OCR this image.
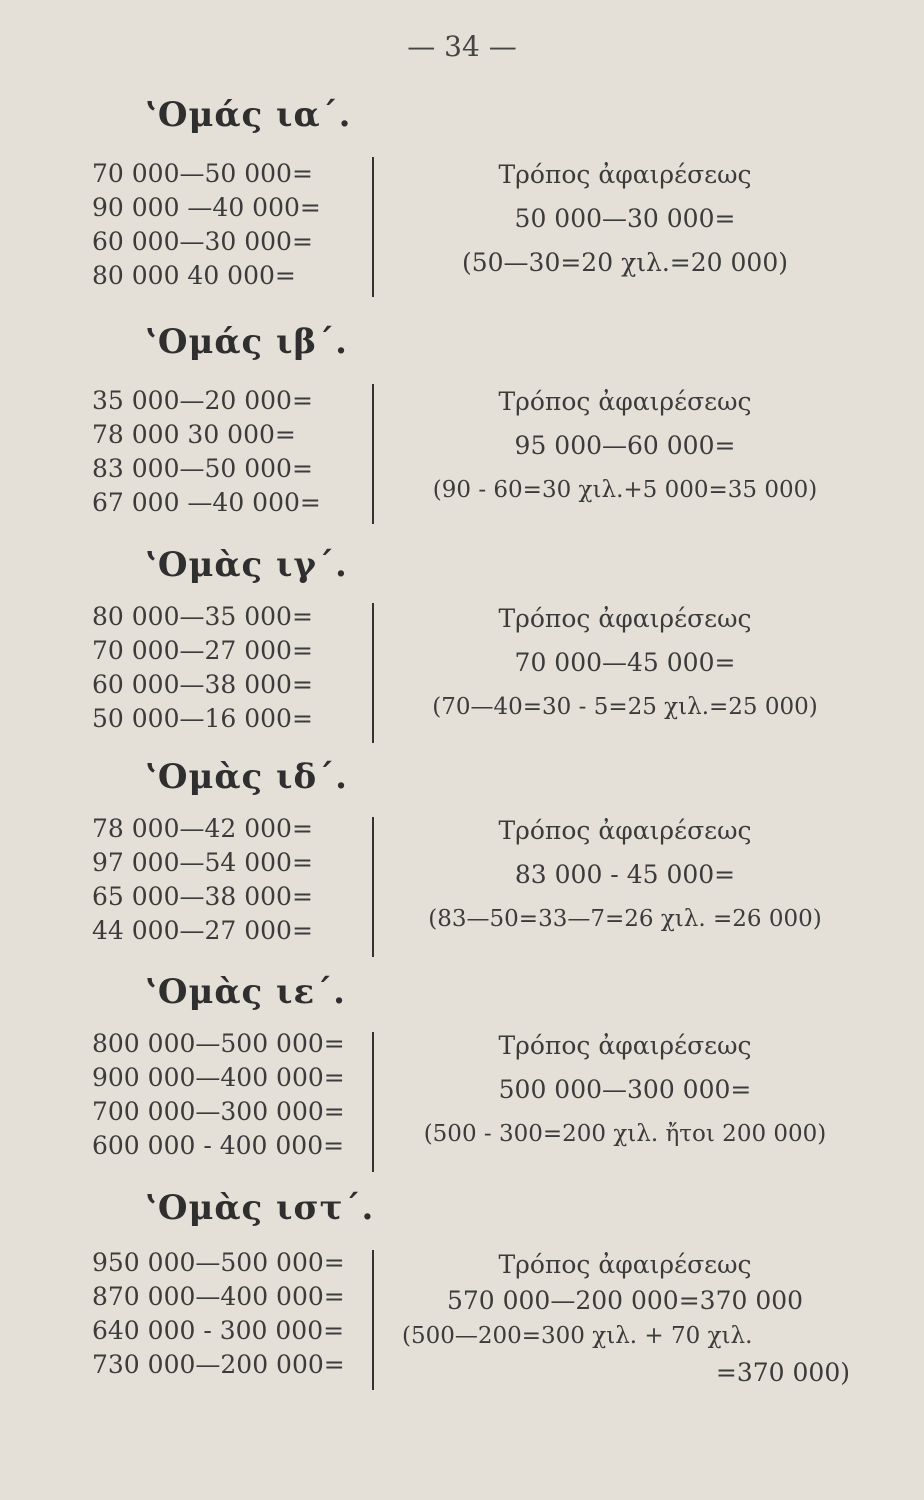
— 34 —
ʽΟμάς ια΄.
70 000—50 000=
90 000 —40 000=
60 000—30 000=
80 000 40 000=
Τρόπος ἀφαιρέσεως
50 000—30 000=
(50—30=20 χιλ.=20 000)
ʽΟμάς ιβ΄.
35 000—20 000=
78 000 30 000=
83 000—50 000=
67 000 —40 000=
Τρόπος ἀφαιρέσεως
95 000—60 000=
(90 - 60=30 χιλ.+5 000=35 000)
ʽΟμὰς ιγ΄.
80 000—35 000=
70 000—27 000=
60 000—38 000=
50 000—16 000=
Τρόπος ἀφαιρέσεως
70 000—45 000=
(70—40=30 - 5=25 χιλ.=25 000)
ʽΟμὰς ιδ΄.
78 000—42 000=
97 000—54 000=
65 000—38 000=
44 000—27 000=
Τρόπος ἀφαιρέσεως
83 000 - 45 000=
(83—50=33—7=26 χιλ. =26 000)
ʽΟμὰς ιε΄.
800 000—500 000=
900 000—400 000=
700 000—300 000=
600 000 - 400 000=
Τρόπος ἀφαιρέσεως
500 000—300 000=
(500 - 300=200 χιλ. ἤτοι 200 000)
ʽΟμὰς ιστ΄.
950 000—500 000=
870 000—400 000=
640 000 - 300 000=
730 000—200 000=
Τρόπος ἀφαιρέσεως
570 000—200 000=370 000
(500—200=300 χιλ. + 70 χιλ.
=370 000)
